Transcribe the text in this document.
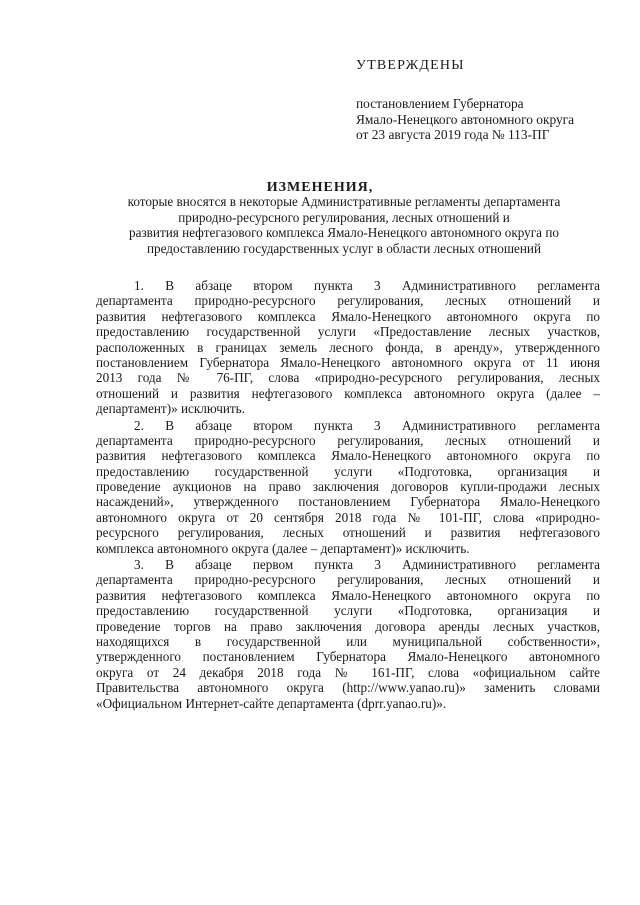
УТВЕРЖДЕНЫ
постановлением Губернатора
Ямало-Ненецкого автономного округа
от 23 августа 2019 года № 113-ПГ
ИЗМЕНЕНИЯ,
которые вносятся в некоторые Административные регламенты департамента
природно-ресурсного регулирования, лесных отношений и
развития нефтегазового комплекса Ямало-Ненецкого автономного округа по
предоставлению государственных услуг в области лесных отношений
1. В абзаце втором пункта 3 Административного регламента
департамента природно-ресурсного регулирования, лесных отношений и
развития нефтегазового комплекса Ямало-Ненецкого автономного округа по
предоставлению государственной услуги «Предоставление лесных участков,
расположенных в границах земель лесного фонда, в аренду», утвержденного
постановлением Губернатора Ямало-Ненецкого автономного округа от 11 июня
2013 года № 76-ПГ, слова «природно-ресурсного регулирования, лесных
отношений и развития нефтегазового комплекса автономного округа (далее –
департамент)» исключить.
2. В абзаце втором пункта 3 Административного регламента
департамента природно-ресурсного регулирования, лесных отношений и
развития нефтегазового комплекса Ямало-Ненецкого автономного округа по
предоставлению государственной услуги «Подготовка, организация и
проведение аукционов на право заключения договоров купли-продажи лесных
насаждений», утвержденного постановлением Губернатора Ямало-Ненецкого
автономного округа от 20 сентября 2018 года № 101-ПГ, слова «природно-
ресурсного регулирования, лесных отношений и развития нефтегазового
комплекса автономного округа (далее – департамент)» исключить.
3. В абзаце первом пункта 3 Административного регламента
департамента природно-ресурсного регулирования, лесных отношений и
развития нефтегазового комплекса Ямало-Ненецкого автономного округа по
предоставлению государственной услуги «Подготовка, организация и
проведение торгов на право заключения договора аренды лесных участков,
находящихся в государственной или муниципальной собственности»,
утвержденного постановлением Губернатора Ямало-Ненецкого автономного
округа от 24 декабря 2018 года № 161-ПГ, слова «официальном сайте
Правительства автономного округа (http://www.yanao.ru)» заменить словами
«Официальном Интернет-сайте департамента (dprr.yanao.ru)».
